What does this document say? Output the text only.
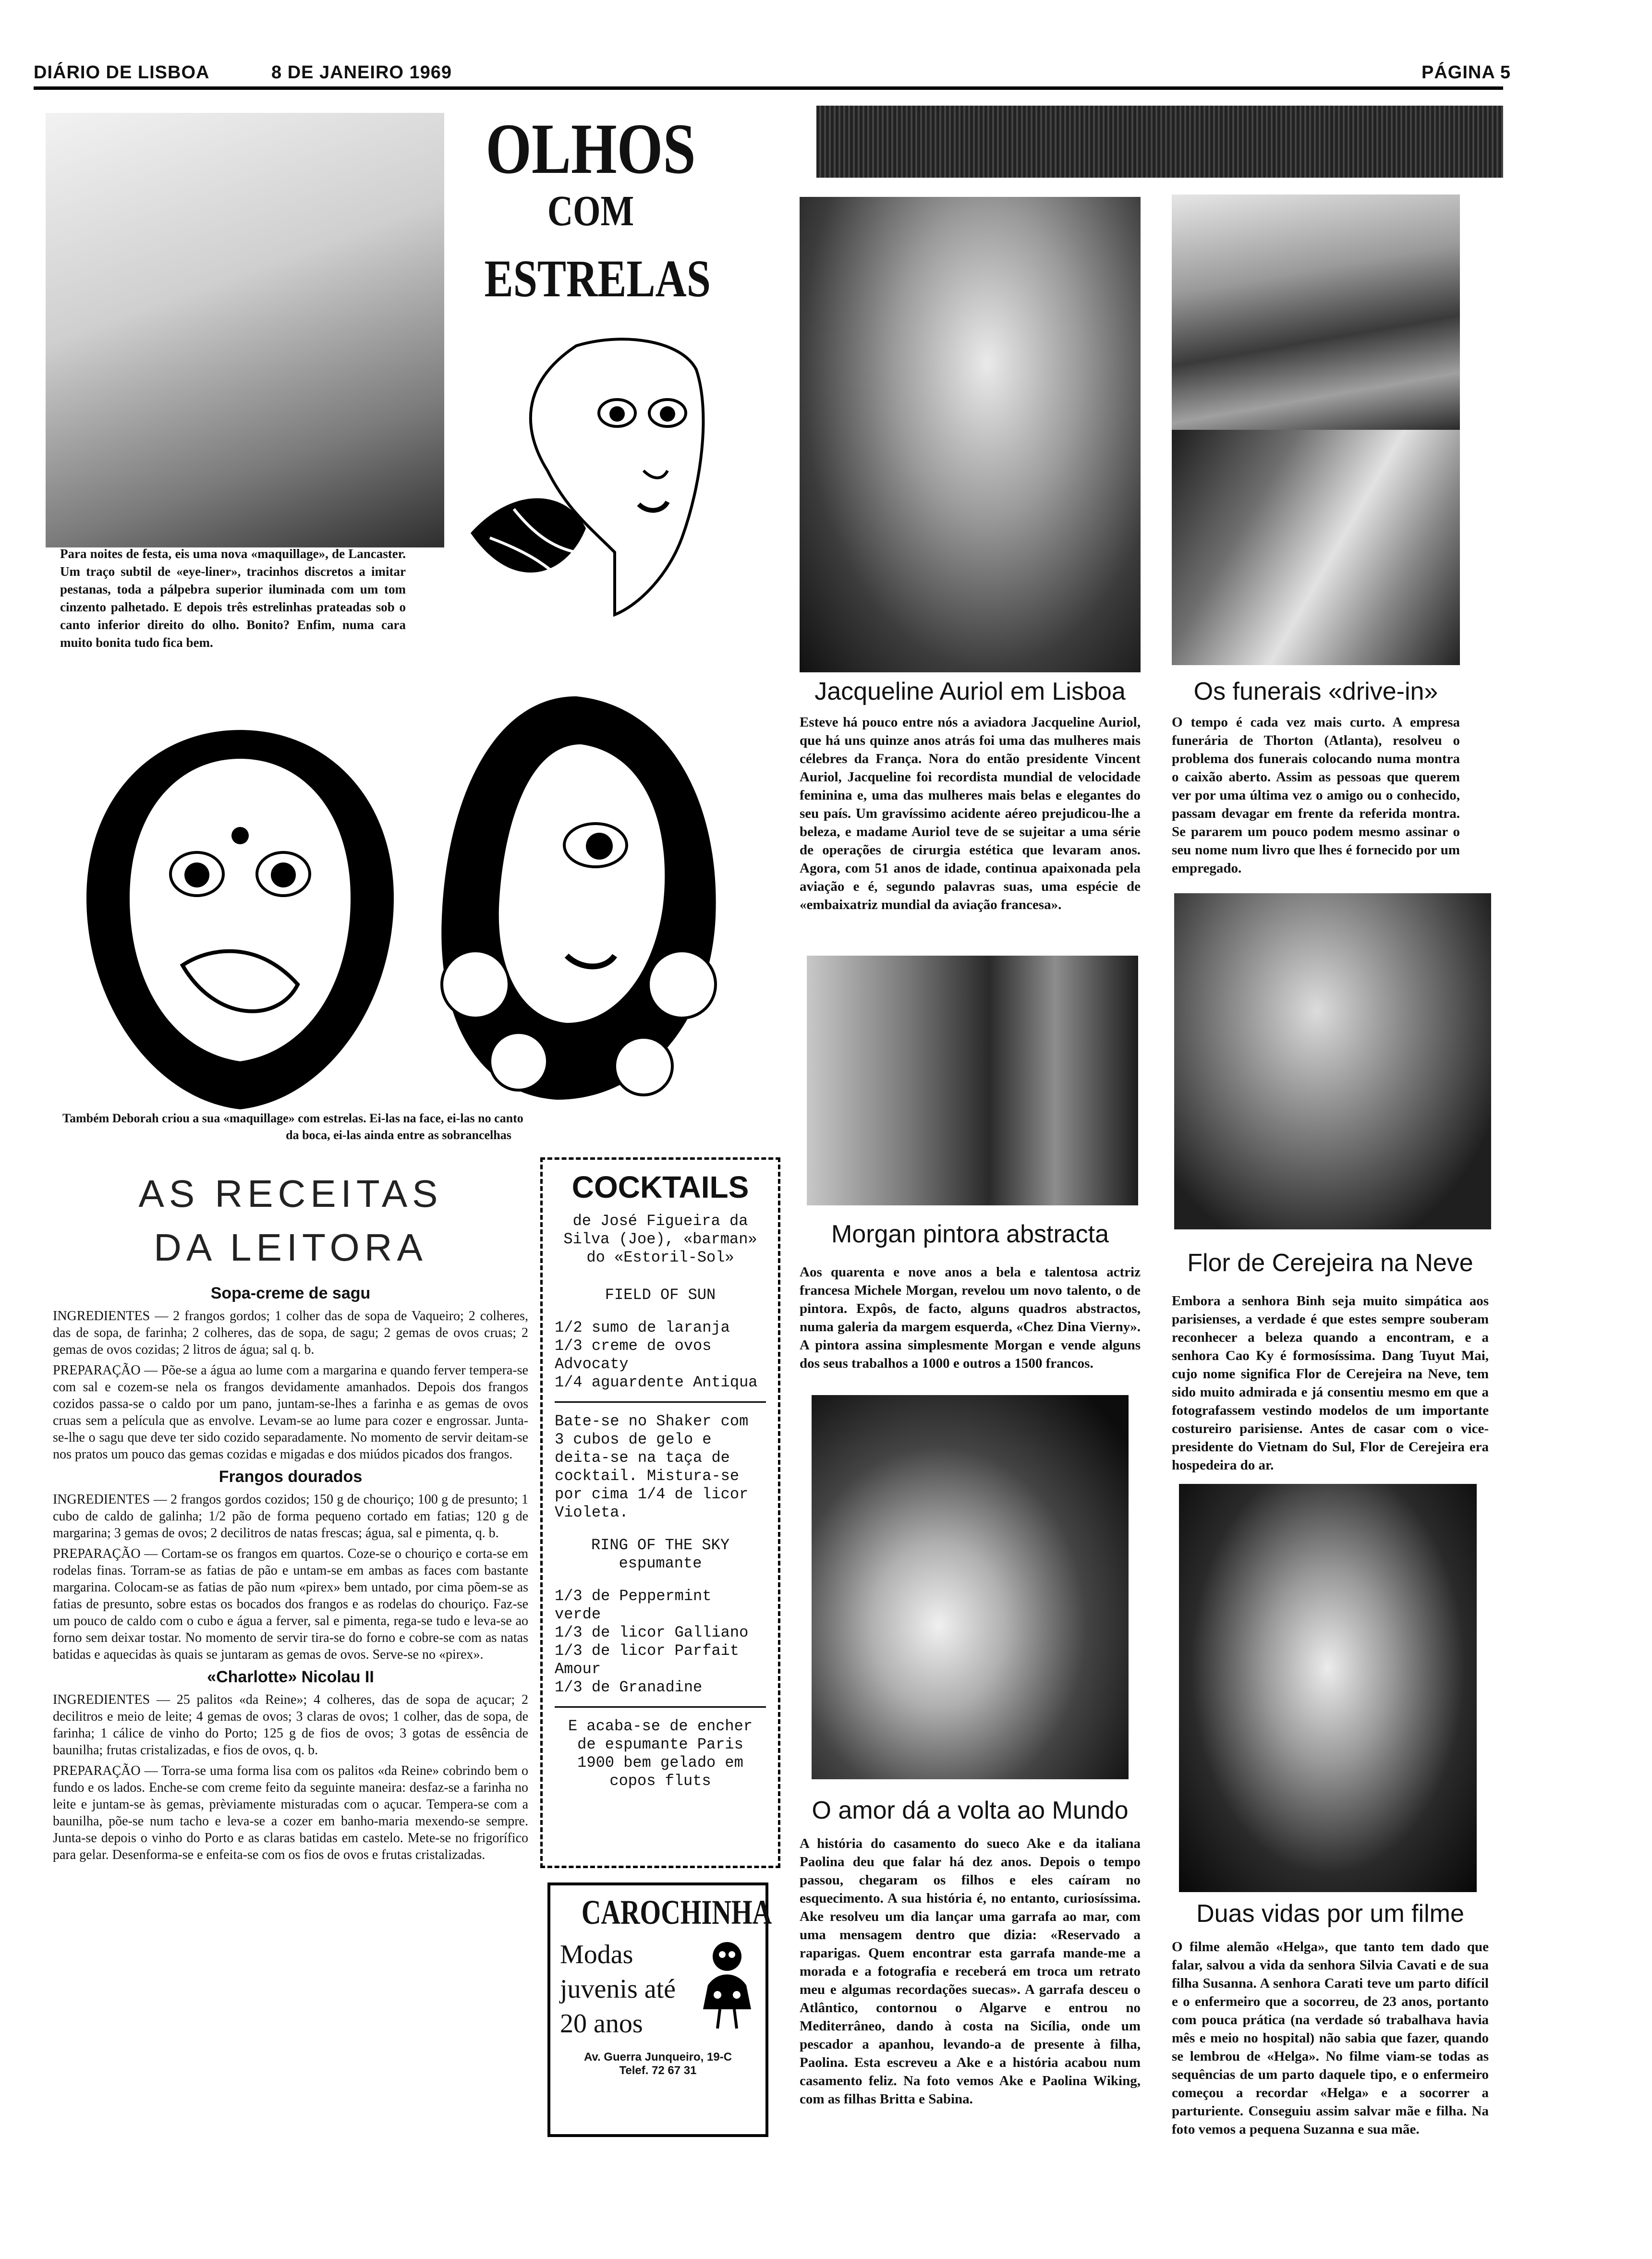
DIÁRIO DE LISBOA	8 DE JANEIRO 1969	PÁGINA 5
Para noites de festa, eis uma nova «maquillage», de Lancaster. Um traço subtil de «eye-liner», tracinhos discretos a imitar pestanas, toda a pálpebra superior iluminada com um tom cinzento palhetado. E depois três estrelinhas prateadas sob o canto inferior direito do olho. Bonito? Enfim, numa cara muito bonita tudo fica bem.
OLHOS
COM
ESTRELAS
Também Deborah criou a sua «maquillage» com estrelas. Ei-las na face, ei-las no canto
da boca, ei-las ainda entre as sobrancelhas
AS RECEITAS
DA LEITORA
Sopa-creme de sagu

INGREDIENTES — 2 frangos gordos; 1 colher das de sopa de Vaqueiro; 2 colheres, das de sopa, de farinha; 2 colheres, das de sopa, de sagu; 2 gemas de ovos cruas; 2 gemas de ovos cozidas; 2 litros de água; sal q. b.

PREPARAÇÃO — Põe-se a água ao lume com a margarina e quando ferver tempera-se com sal e cozem-se nela os frangos devidamente amanhados. Depois dos frangos cozidos passa-se o caldo por um pano, juntam-se-lhes a farinha e as gemas de ovos cruas sem a película que as envolve. Levam-se ao lume para cozer e engrossar. Junta-se-lhe o sagu que deve ter sido cozido separadamente. No momento de servir deitam-se nos pratos um pouco das gemas cozidas e migadas e dos miúdos picados dos frangos.

Frangos dourados

INGREDIENTES — 2 frangos gordos cozidos; 150 g de chouriço; 100 g de presunto; 1 cubo de caldo de galinha; 1/2 pão de forma pequeno cortado em fatias; 120 g de margarina; 3 gemas de ovos; 2 decilitros de natas frescas; água, sal e pimenta, q. b.

PREPARAÇÃO — Cortam-se os frangos em quartos. Coze-se o chouriço e corta-se em rodelas finas. Torram-se as fatias de pão e untam-se em ambas as faces com bastante margarina. Colocam-se as fatias de pão num «pirex» bem untado, por cima põem-se as fatias de presunto, sobre estas os bocados dos frangos e as rodelas do chouriço. Faz-se um pouco de caldo com o cubo e água a ferver, sal e pimenta, rega-se tudo e leva-se ao forno sem deixar tostar. No momento de servir tira-se do forno e cobre-se com as natas batidas e aquecidas às quais se juntaram as gemas de ovos. Serve-se no «pirex».

«Charlotte» Nicolau II

INGREDIENTES — 25 palitos «da Reine»; 4 colheres, das de sopa de açucar; 2 decilitros e meio de leite; 4 gemas de ovos; 3 claras de ovos; 1 colher, das de sopa, de farinha; 1 cálice de vinho do Porto; 125 g de fios de ovos; 3 gotas de essência de baunilha; frutas cristalizadas, e fios de ovos, q. b.

PREPARAÇÃO — Torra-se uma forma lisa com os palitos «da Reine» cobrindo bem o fundo e os lados. Enche-se com creme feito da seguinte maneira: desfaz-se a farinha no leite e juntam-se às gemas, prèviamente misturadas com o açucar. Tempera-se com a baunilha, põe-se num tacho e leva-se a cozer em banho-maria mexendo-se sempre. Junta-se depois o vinho do Porto e as claras batidas em castelo. Mete-se no frigorífico para gelar. Desenforma-se e enfeita-se com os fios de ovos e frutas cristalizadas.

COCKTAILS
de José Figueira da Silva (Joe), «barman» do «Estoril-Sol»
FIELD OF SUN
1/2 sumo de laranja
1/3 creme de ovos Advocaty
1/4 aguardente Antiqua
Bate-se no Shaker com 3 cubos de gelo e deita-se na taça de cocktail. Mistura-se por cima 1/4 de licor Violeta.
RING OF THE SKY
espumante
1/3 de Peppermint verde
1/3 de licor Galliano
1/3 de licor Parfait Amour
1/3 de Granadine
E acaba-se de encher de espumante Paris 1900 bem gelado em copos fluts
CAROCHINHA
Modas
juvenis até
20 anos
Av. Guerra Junqueiro, 19-C
Telef. 72 67 31
Jacqueline Auriol em Lisboa
Esteve há pouco entre nós a aviadora Jacqueline Auriol, que há uns quinze anos atrás foi uma das mulheres mais célebres da França. Nora do então presidente Vincent Auriol, Jacqueline foi recordista mundial de velocidade feminina e, uma das mulheres mais belas e elegantes do seu país. Um gravíssimo acidente aéreo prejudicou-lhe a beleza, e madame Auriol teve de se sujeitar a uma série de operações de cirurgia estética que levaram anos. Agora, com 51 anos de idade, continua apaixonada pela aviação e é, segundo palavras suas, uma espécie de «embaixatriz mundial da aviação francesa».
Morgan pintora abstracta
Aos quarenta e nove anos a bela e talentosa actriz francesa Michele Morgan, revelou um novo talento, o de pintora. Expôs, de facto, alguns quadros abstractos, numa galeria da margem esquerda, «Chez Dina Vierny». A pintora assina simplesmente Morgan e vende alguns dos seus trabalhos a 1000 e outros a 1500 francos.
O amor dá a volta ao Mundo
A história do casamento do sueco Ake e da italiana Paolina deu que falar há dez anos. Depois o tempo passou, chegaram os filhos e eles caíram no esquecimento. A sua história é, no entanto, curiosíssima. Ake resolveu um dia lançar uma garrafa ao mar, com uma mensagem dentro que dizia: «Reservado a raparigas. Quem encontrar esta garrafa mande-me a morada e a fotografia e receberá em troca um retrato meu e algumas recordações suecas». A garrafa desceu o Atlântico, contornou o Algarve e entrou no Mediterrâneo, dando à costa na Sicília, onde um pescador a apanhou, levando-a de presente à filha, Paolina. Esta escreveu a Ake e a história acabou num casamento feliz. Na foto vemos Ake e Paolina Wiking, com as filhas Britta e Sabina.
Os funerais «drive-in»
O tempo é cada vez mais curto. A empresa funerária de Thorton (Atlanta), resolveu o problema dos funerais colocando numa montra o caixão aberto. Assim as pessoas que querem ver por uma última vez o amigo ou o conhecido, passam devagar em frente da referida montra. Se pararem um pouco podem mesmo assinar o seu nome num livro que lhes é fornecido por um empregado.
Flor de Cerejeira na Neve
Embora a senhora Binh seja muito simpática aos parisienses, a verdade é que estes sempre souberam reconhecer a beleza quando a encontram, e a senhora Cao Ky é formosíssima. Dang Tuyut Mai, cujo nome significa Flor de Cerejeira na Neve, tem sido muito admirada e já consentiu mesmo em que a fotografassem vestindo modelos de um importante costureiro parisiense. Antes de casar com o vice-presidente do Vietnam do Sul, Flor de Cerejeira era hospedeira do ar.
Duas vidas por um filme
O filme alemão «Helga», que tanto tem dado que falar, salvou a vida da senhora Silvia Cavati e de sua filha Susanna. A senhora Carati teve um parto difícil e o enfermeiro que a socorreu, de 23 anos, portanto com pouca prática (na verdade só trabalhava havia mês e meio no hospital) não sabia que fazer, quando se lembrou de «Helga». No filme viam-se todas as sequências de um parto daquele tipo, e o enfermeiro começou a recordar «Helga» e a socorrer a parturiente. Conseguiu assim salvar mãe e filha. Na foto vemos a pequena Suzanna e sua mãe.
